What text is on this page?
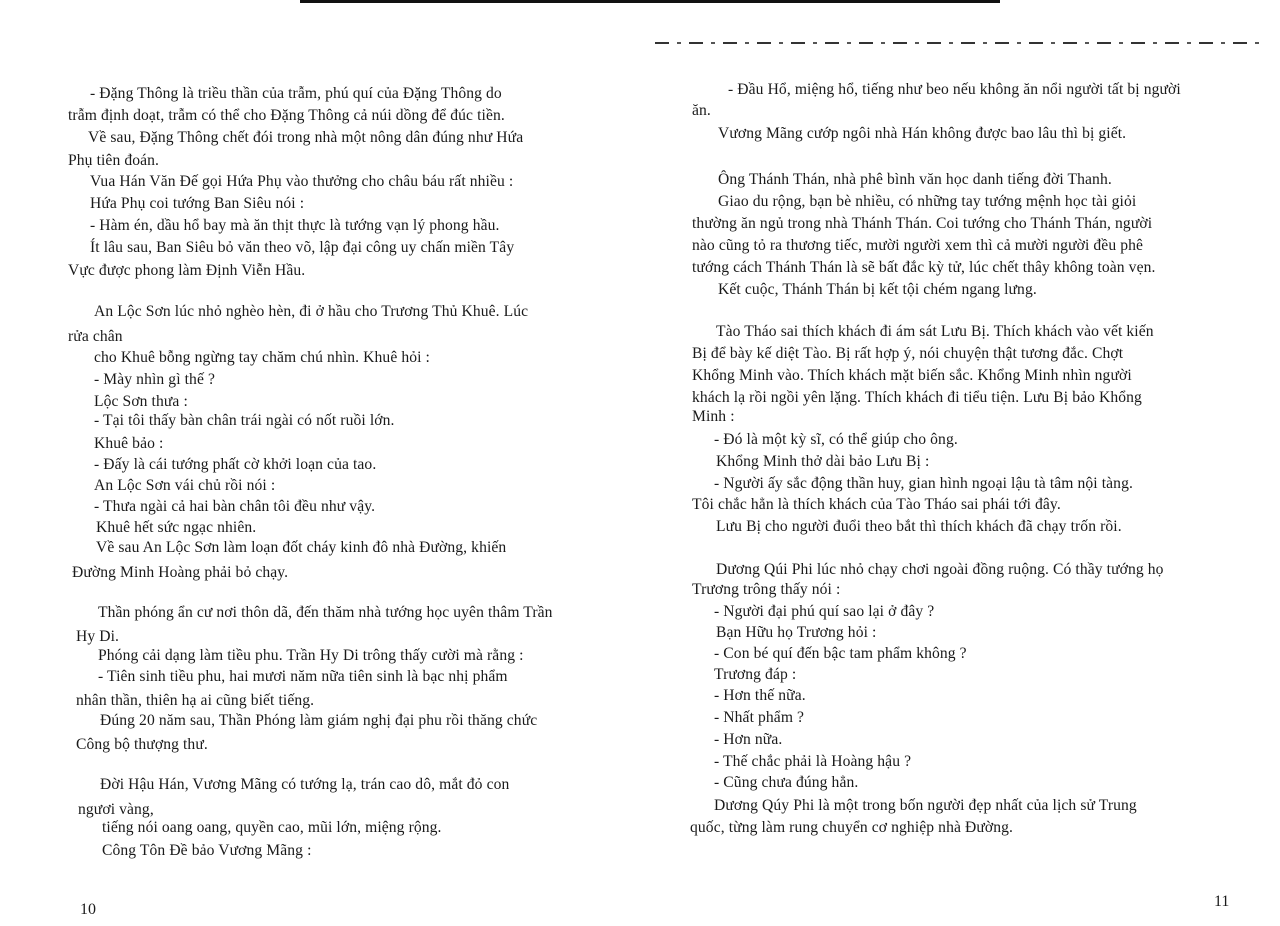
- Đặng Thông là triều thần của trẫm, phú quí của Đặng Thông do
trẫm định doạt, trẫm có thể cho Đặng Thông cả núi dồng để đúc tiền.
Về sau, Đặng Thông chết đói trong nhà một nông dân đúng như Hứa
Phụ tiên đoán.
Vua Hán Văn Đế gọi Hứa Phụ vào thưởng cho châu báu rất nhiều :
Hứa Phụ coi tướng Ban Siêu nói :
- Hàm én, dầu hổ bay mà ăn thịt thực là tướng vạn lý phong hầu.
Ít lâu sau, Ban Siêu bỏ văn theo võ, lập đại công uy chấn miền Tây
Vực được phong làm Định Viễn Hầu.
An Lộc Sơn lúc nhỏ nghèo hèn, đi ở hầu cho Trương Thủ Khuê. Lúc
rửa chân
cho Khuê bỗng ngừng tay chăm chú nhìn. Khuê hỏi :
- Mày nhìn gì thế ?
Lộc Sơn thưa :
- Tại tôi thấy bàn chân trái ngài có nốt ruồi lớn.
Khuê bảo :
- Đấy là cái tướng phất cờ khởi loạn của tao.
An Lộc Sơn vái chủ rồi nói :
- Thưa ngài cả hai bàn chân tôi đều như vậy.
Khuê hết sức ngạc nhiên.
Về sau An Lộc Sơn làm loạn đốt cháy kinh đô nhà Đường, khiến
Đường Minh Hoàng phải bỏ chạy.
Thần phóng ẩn cư nơi thôn dã, đến thăm nhà tướng học uyên thâm Trần
Hy Di.
Phóng cải dạng làm tiều phu. Trần Hy Di trông thấy cười mà rằng :
- Tiên sinh tiều phu, hai mươi năm nữa tiên sinh là bạc nhị phẩm
nhân thần, thiên hạ ai cũng biết tiếng.
Đúng 20 năm sau, Thần Phóng làm giám nghị đại phu rồi thăng chức
Công bộ thượng thư.
Đời Hậu Hán, Vương Mãng có tướng lạ, trán cao dô, mắt đỏ con
ngươi vàng,
tiếng nói oang oang, quyền cao, mũi lớn, miệng rộng.
Công Tôn Đề bảo Vương Mãng :
10
- Đầu Hổ, miệng hổ, tiếng như beo nếu không ăn nổi người tất bị người
ăn.
Vương Mãng cướp ngôi nhà Hán không được bao lâu thì bị giết.
Ông Thánh Thán, nhà phê bình văn học danh tiếng đời Thanh.
Giao du rộng, bạn bè nhiều, có những tay tướng mệnh học tài giỏi
thường ăn ngủ trong nhà Thánh Thán. Coi tướng cho Thánh Thán, người
nào cũng tỏ ra thương tiếc, mười người xem thì cả mười người đều phê
tướng cách Thánh Thán là sẽ bất đắc kỳ tử, lúc chết thây không toàn vẹn.
Kết cuộc, Thánh Thán bị kết tội chém ngang lưng.
Tào Tháo sai thích khách đi ám sát Lưu Bị. Thích khách vào vết kiến
Bị để bày kế diệt Tào. Bị rất hợp ý, nói chuyện thật tương đắc. Chợt
Khổng Minh vào. Thích khách mặt biến sắc. Khổng Minh nhìn người
khách lạ rồi ngồi yên lặng. Thích khách đi tiểu tiện. Lưu Bị bảo Khổng
Minh :
- Đó là một kỳ sĩ, có thể giúp cho ông.
Khổng Minh thở dài bảo Lưu Bị :
- Người ấy sắc động thần huy, gian hình ngoại lậu tà tâm nội tàng.
Tôi chắc hẳn là thích khách của Tào Tháo sai phái tới đây.
Lưu Bị cho người đuổi theo bắt thì thích khách đã chạy trốn rồi.
Dương Qúi Phi lúc nhỏ chạy chơi ngoài đồng ruộng. Có thầy tướng họ
Trương trông thấy nói :
- Người đại phú quí sao lại ở đây ?
Bạn Hữu họ Trương hỏi :
- Con bé quí đến bậc tam phẩm không ?
Trương đáp :
- Hơn thế nữa.
- Nhất phẩm ?
- Hơn nữa.
- Thế chắc phải là Hoàng hậu ?
- Cũng chưa đúng hẳn.
Dương Qúy Phi là một trong bốn người đẹp nhất của lịch sử Trung
quốc, từng làm rung chuyển cơ nghiệp nhà Đường.
11
